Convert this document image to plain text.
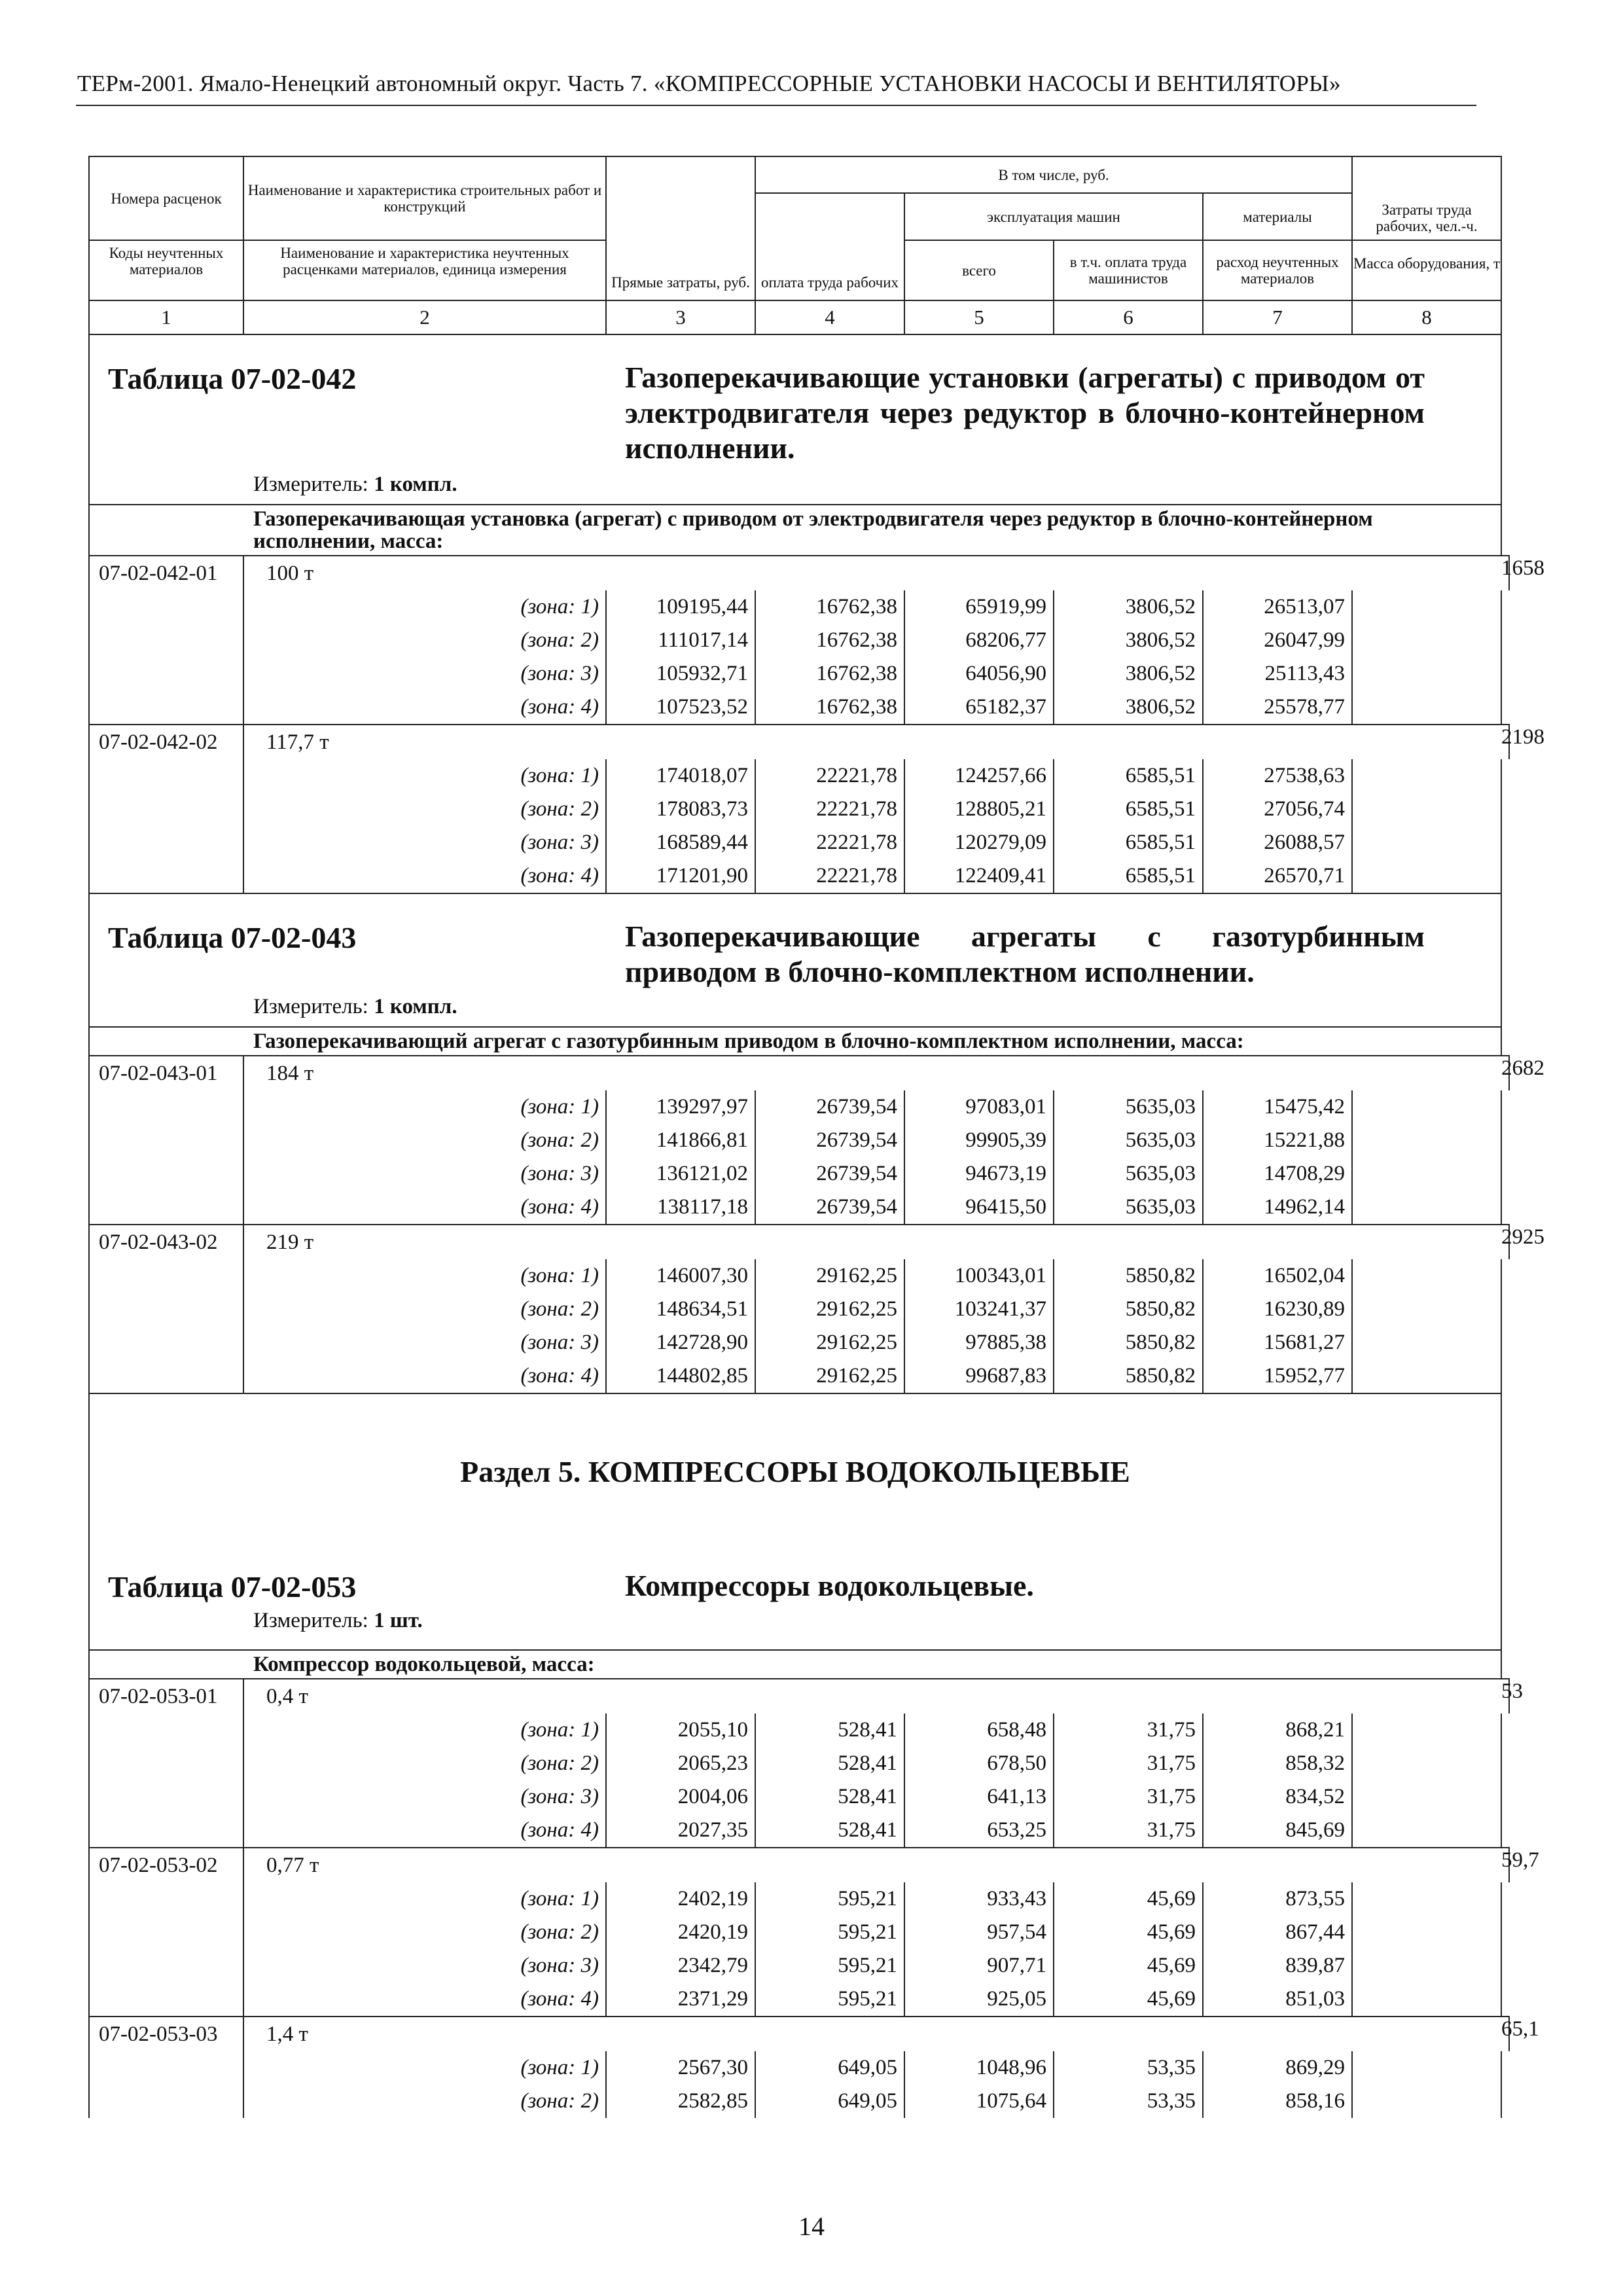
ТЕРм-2001. Ямало-Ненецкий автономный округ. Часть 7. «КОМПРЕССОРНЫЕ УСТАНОВКИ НАСОСЫ И ВЕНТИЛЯТОРЫ»
Номера расценок	Наименование и характеристика строительных работ и конструкций	Прямые затраты, руб.	В том числе, руб.				Затраты труда рабочих, чел.-ч.	
			оплата труда рабочих	эксплуатация машин		материалы		
Коды неучтенных материалов	Наименование и характеристика неучтенных расценками материалов, единица измерения			всего	в т.ч. оплата труда машинистов	расход неучтенных материалов	Масса оборудования, т	

1	2	3	4	5	6	7	8	

Таблица 07-02-042 Газоперекачивающие установки (агрегаты) с приводом от электродвигателя через редуктор в блочно-контейнерном исполнении.
Измеритель: 1 компл.								

Газоперекачивающая установка (агрегат) с приводом от электродвигателя через редуктор в блочно-контейнерном исполнении, масса:								
07-02-042-01	100 т							1658
	(зона: 1)	109195,44	16762,38	65919,99	3806,52	26513,07		
	(зона: 2)	111017,14	16762,38	68206,77	3806,52	26047,99		
	(зона: 3)	105932,71	16762,38	64056,90	3806,52	25113,43		
	(зона: 4)	107523,52	16762,38	65182,37	3806,52	25578,77		
07-02-042-02	117,7 т							2198
	(зона: 1)	174018,07	22221,78	124257,66	6585,51	27538,63		
	(зона: 2)	178083,73	22221,78	128805,21	6585,51	27056,74		
	(зона: 3)	168589,44	22221,78	120279,09	6585,51	26088,57		
	(зона: 4)	171201,90	22221,78	122409,41	6585,51	26570,71		

Таблица 07-02-043 Газоперекачивающие агрегаты с газотурбинным приводом в блочно-комплектном исполнении.
Измеритель: 1 компл.								

Газоперекачивающий агрегат с газотурбинным приводом в блочно-комплектном исполнении, масса:								
07-02-043-01	184 т							2682
	(зона: 1)	139297,97	26739,54	97083,01	5635,03	15475,42		
	(зона: 2)	141866,81	26739,54	99905,39	5635,03	15221,88		
	(зона: 3)	136121,02	26739,54	94673,19	5635,03	14708,29		
	(зона: 4)	138117,18	26739,54	96415,50	5635,03	14962,14		
07-02-043-02	219 т							2925
	(зона: 1)	146007,30	29162,25	100343,01	5850,82	16502,04		
	(зона: 2)	148634,51	29162,25	103241,37	5850,82	16230,89		
	(зона: 3)	142728,90	29162,25	97885,38	5850,82	15681,27		
	(зона: 4)	144802,85	29162,25	99687,83	5850,82	15952,77		

Раздел 5. КОМПРЕССОРЫ ВОДОКОЛЬЦЕВЫЕ
Таблица 07-02-053 Компрессоры водокольцевые.
Измеритель: 1 шт.								

Компрессор водокольцевой, масса:								
07-02-053-01	0,4 т							53
	(зона: 1)	2055,10	528,41	658,48	31,75	868,21		
	(зона: 2)	2065,23	528,41	678,50	31,75	858,32		
	(зона: 3)	2004,06	528,41	641,13	31,75	834,52		
	(зона: 4)	2027,35	528,41	653,25	31,75	845,69		
07-02-053-02	0,77 т							59,7
	(зона: 1)	2402,19	595,21	933,43	45,69	873,55		
	(зона: 2)	2420,19	595,21	957,54	45,69	867,44		
	(зона: 3)	2342,79	595,21	907,71	45,69	839,87		
	(зона: 4)	2371,29	595,21	925,05	45,69	851,03		
07-02-053-03	1,4 т							65,1
	(зона: 1)	2567,30	649,05	1048,96	53,35	869,29		
	(зона: 2)	2582,85	649,05	1075,64	53,35	858,16		
14
